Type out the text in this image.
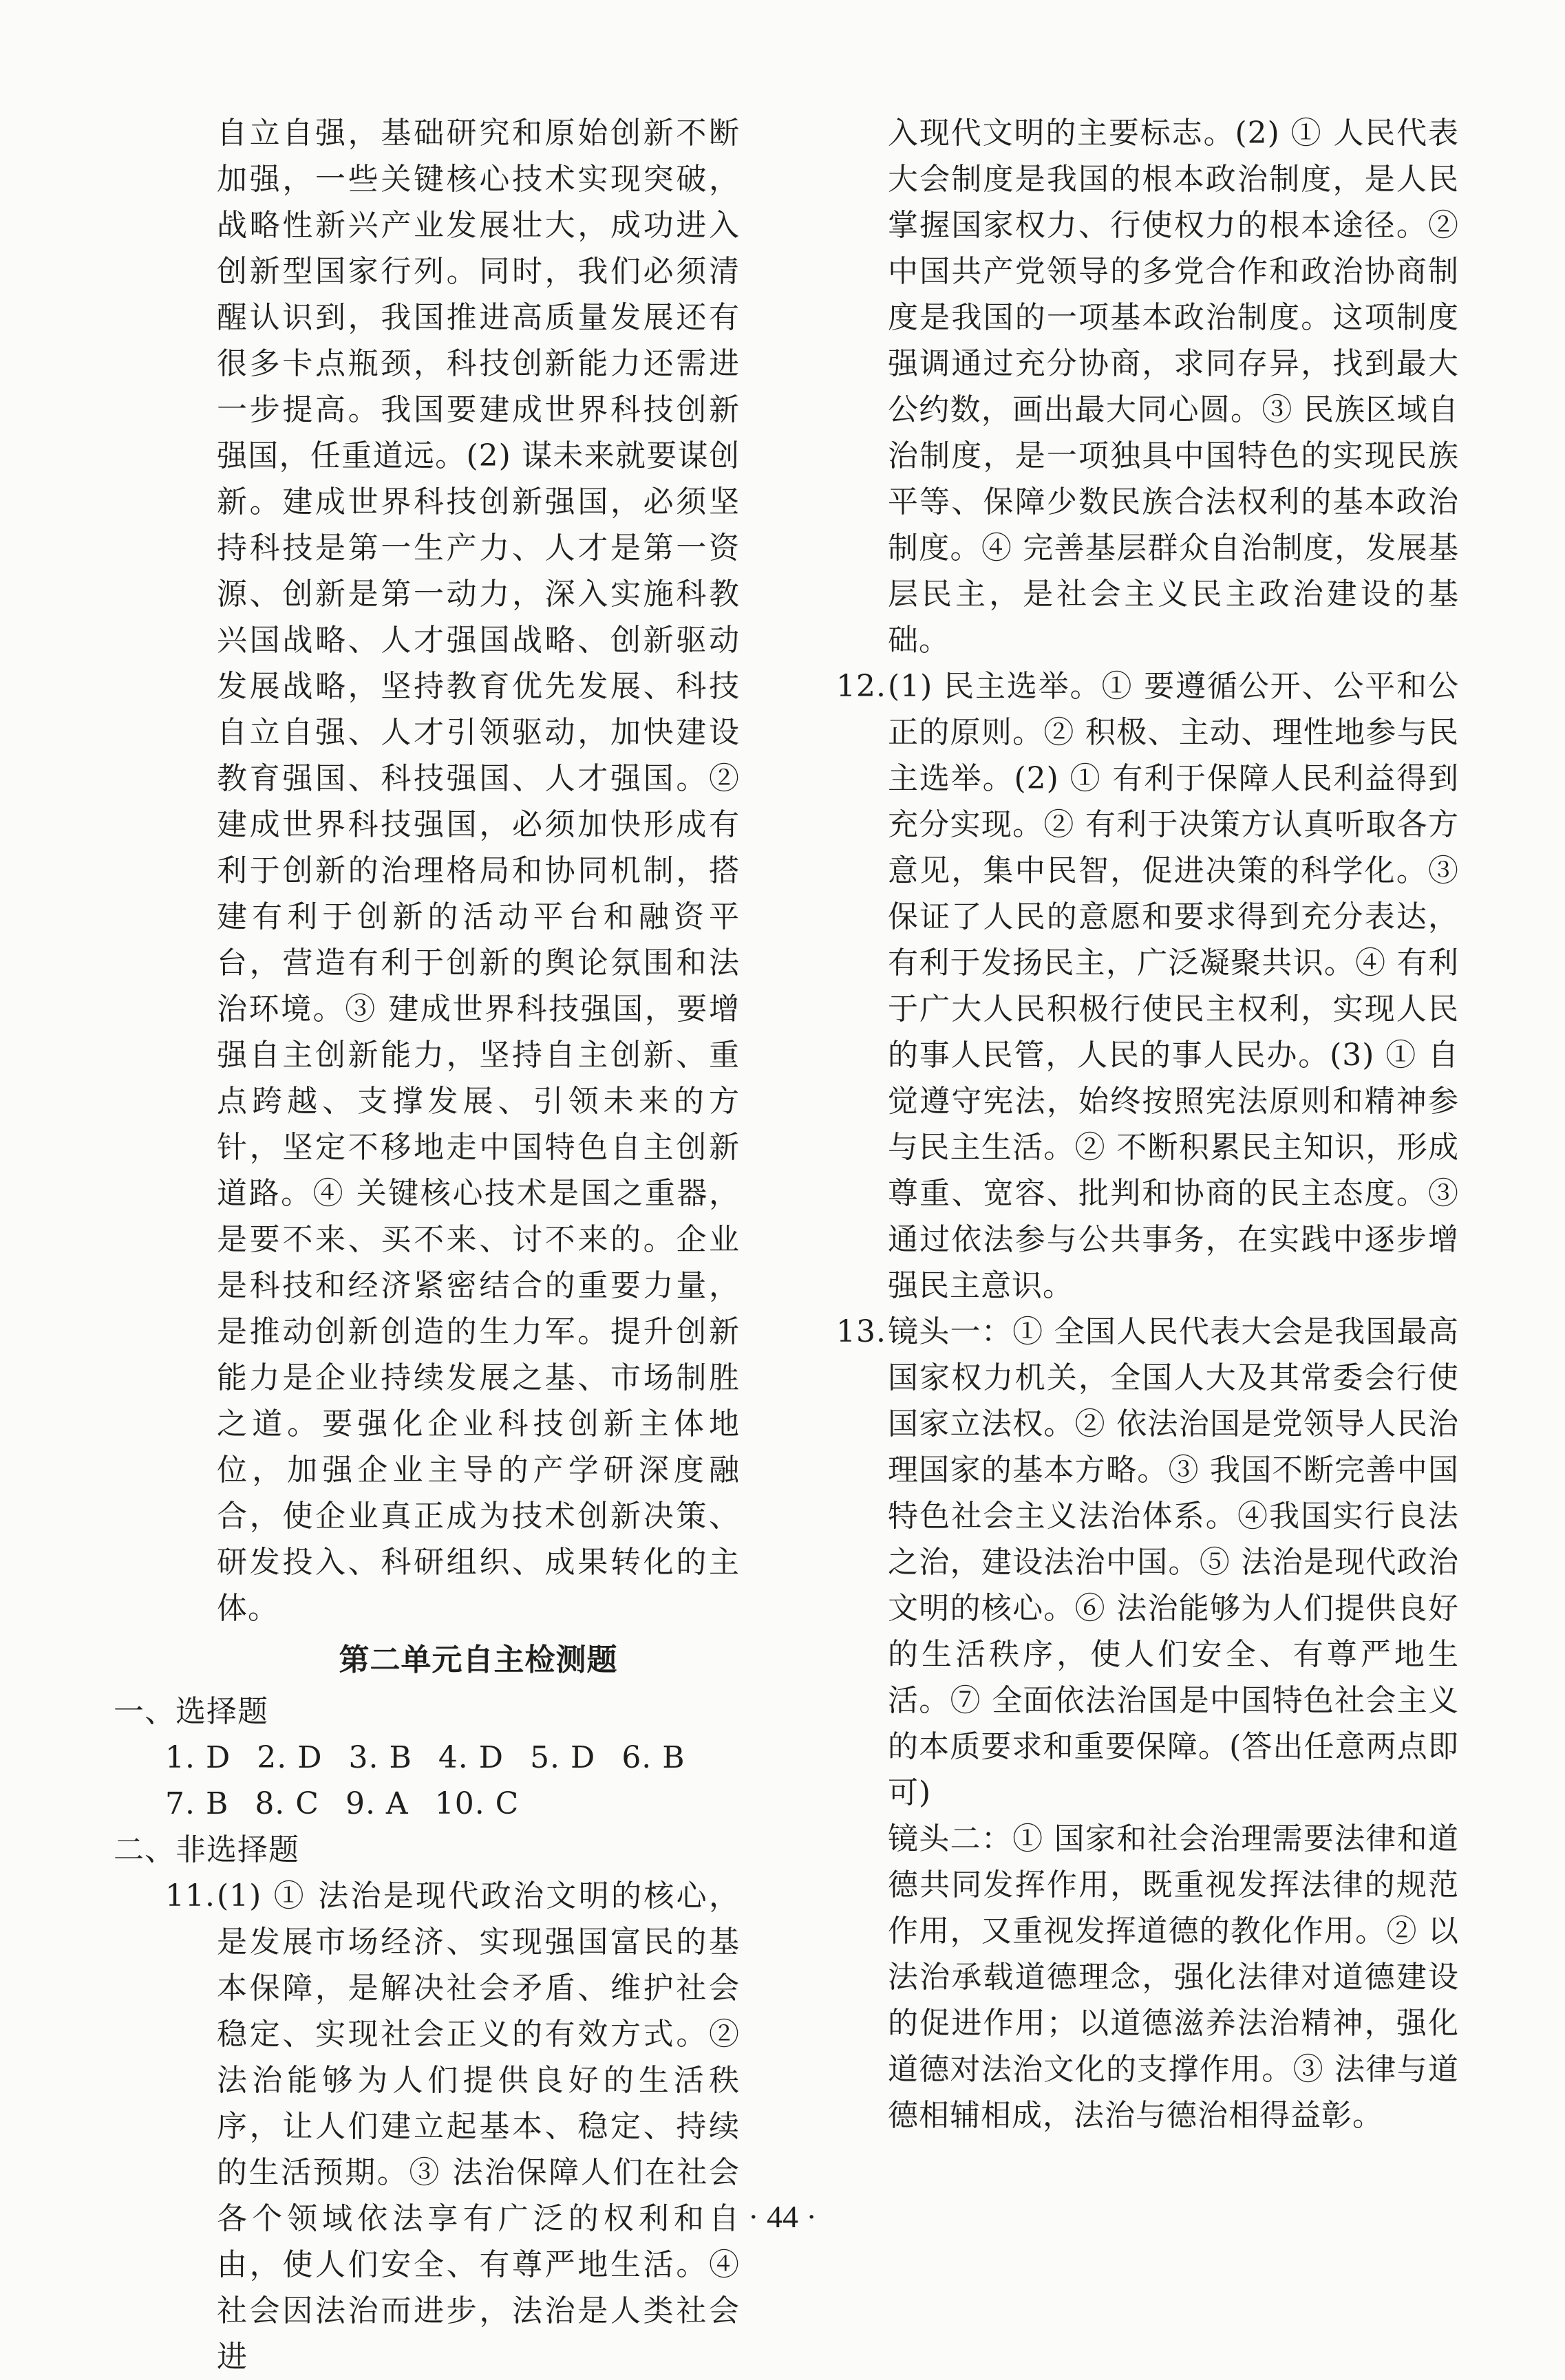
自立自强，基础研究和原始创新不断加强，一些关键核心技术实现突破，战略性新兴产业发展壮大，成功进入创新型国家行列。同时，我们必须清醒认识到，我国推进高质量发展还有很多卡点瓶颈，科技创新能力还需进一步提高。我国要建成世界科技创新强国，任重道远。(2) 谋未来就要谋创新。建成世界科技创新强国，必须坚持科技是第一生产力、人才是第一资源、创新是第一动力，深入实施科教兴国战略、人才强国战略、创新驱动发展战略，坚持教育优先发展、科技自立自强、人才引领驱动，加快建设教育强国、科技强国、人才强国。② 建成世界科技强国，必须加快形成有利于创新的治理格局和协同机制，搭建有利于创新的活动平台和融资平台，营造有利于创新的舆论氛围和法治环境。③ 建成世界科技强国，要增强自主创新能力，坚持自主创新、重点跨越、支撑发展、引领未来的方针，坚定不移地走中国特色自主创新道路。④ 关键核心技术是国之重器，是要不来、买不来、讨不来的。企业是科技和经济紧密结合的重要力量，是推动创新创造的生力军。提升创新能力是企业持续发展之基、市场制胜之道。要强化企业科技创新主体地位，加强企业主导的产学研深度融合，使企业真正成为技术创新决策、研发投入、科研组织、成果转化的主体。
第二单元自主检测题
一、选择题
1. D 2. D 3. B 4. D 5. D 6. B
7. B 8. C 9. A 10. C
二、非选择题
11. (1) ① 法治是现代政治文明的核心，是发展市场经济、实现强国富民的基本保障，是解决社会矛盾、维护社会稳定、实现社会正义的有效方式。② 法治能够为人们提供良好的生活秩序，让人们建立起基本、稳定、持续的生活预期。③ 法治保障人们在社会各个领域依法享有广泛的权利和自由，使人们安全、有尊严地生活。④ 社会因法治而进步，法治是人类社会进
入现代文明的主要标志。(2) ① 人民代表大会制度是我国的根本政治制度，是人民掌握国家权力、行使权力的根本途径。② 中国共产党领导的多党合作和政治协商制度是我国的一项基本政治制度。这项制度强调通过充分协商，求同存异，找到最大公约数，画出最大同心圆。③ 民族区域自治制度，是一项独具中国特色的实现民族平等、保障少数民族合法权利的基本政治制度。④ 完善基层群众自治制度，发展基层民主，是社会主义民主政治建设的基础。
12. (1) 民主选举。① 要遵循公开、公平和公正的原则。② 积极、主动、理性地参与民主选举。(2) ① 有利于保障人民利益得到充分实现。② 有利于决策方认真听取各方意见，集中民智，促进决策的科学化。③ 保证了人民的意愿和要求得到充分表达，有利于发扬民主，广泛凝聚共识。④ 有利于广大人民积极行使民主权利，实现人民的事人民管，人民的事人民办。(3) ① 自觉遵守宪法，始终按照宪法原则和精神参与民主生活。② 不断积累民主知识，形成尊重、宽容、批判和协商的民主态度。③ 通过依法参与公共事务，在实践中逐步增强民主意识。
13. 镜头一：① 全国人民代表大会是我国最高国家权力机关，全国人大及其常委会行使国家立法权。② 依法治国是党领导人民治理国家的基本方略。③ 我国不断完善中国特色社会主义法治体系。④我国实行良法之治，建设法治中国。⑤ 法治是现代政治文明的核心。⑥ 法治能够为人们提供良好的生活秩序，使人们安全、有尊严地生活。⑦ 全面依法治国是中国特色社会主义的本质要求和重要保障。(答出任意两点即可)
镜头二：① 国家和社会治理需要法律和道德共同发挥作用，既重视发挥法律的规范作用，又重视发挥道德的教化作用。② 以法治承载道德理念，强化法律对道德建设的促进作用；以道德滋养法治精神，强化道德对法治文化的支撑作用。③ 法律与道德相辅相成，法治与德治相得益彰。
· 44 ·
